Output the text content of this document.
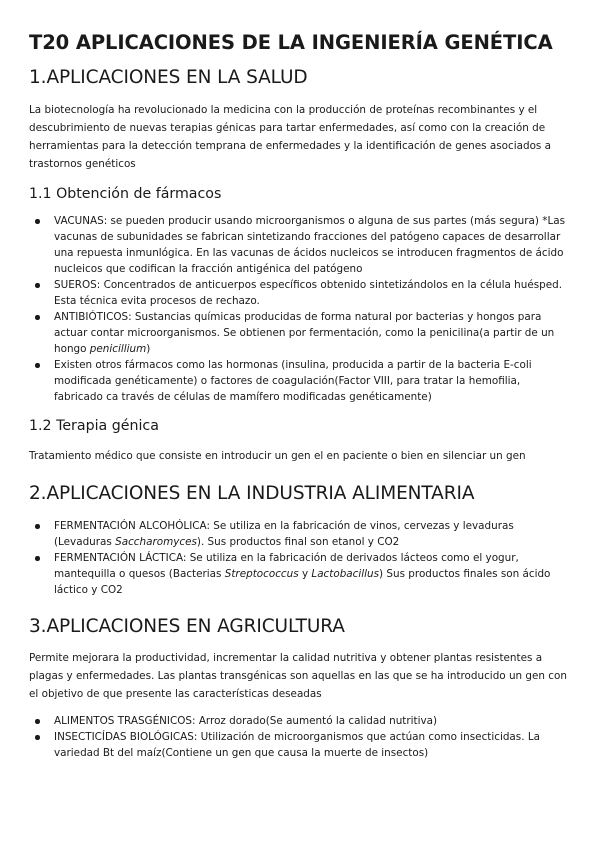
T20 APLICACIONES DE LA INGENIERÍA GENÉTICA
1.APLICACIONES EN LA SALUD

La biotecnología ha revolucionado la medicina con la producción de proteínas recombinantes y el descubrimiento de nuevas terapias génicas para tartar enfermedades, así como con la creación de herramientas para la detección temprana de enfermedades y la identificación de genes asociados a trastornos genéticos

1.1 Obtención de fármacos
VACUNAS: se pueden producir usando microorganismos o alguna de sus partes (más segura) *Las vacunas de subunidades se fabrican sintetizando fracciones del patógeno capaces de desarrollar una repuesta inmunlógica. En las vacunas de ácidos nucleicos se introducen fragmentos de ácido nucleicos que codifican la fracción antigénica del patógeno
SUEROS: Concentrados de anticuerpos específicos obtenido sintetizándolos en la célula huésped. Esta técnica evita procesos de rechazo.
ANTIBIÓTICOS: Sustancias químicas producidas de forma natural por bacterias y hongos para actuar contar microorganismos. Se obtienen por fermentación, como la penicilina(a partir de un hongo penicillium)
Existen otros fármacos como las hormonas (insulina, producida a partir de la bacteria E-coli modificada genéticamente) o factores de coagulación(Factor VIII, para tratar la hemofilia, fabricado ca través de células de mamífero modificadas genéticamente)
1.2 Terapia génica

Tratamiento médico que consiste en introducir un gen el en paciente o bien en silenciar un gen

2.APLICACIONES EN LA INDUSTRIA ALIMENTARIA
FERMENTACIÓN ALCOHÓLICA: Se utiliza en la fabricación de vinos, cervezas y levaduras (Levaduras Saccharomyces). Sus productos final son etanol y CO2
FERMENTACIÓN LÁCTICA: Se utiliza en la fabricación de derivados lácteos como el yogur, mantequilla o quesos (Bacterias Streptococcus y Lactobacillus) Sus productos finales son ácido láctico y CO2
3.APLICACIONES EN AGRICULTURA

Permite mejorara la productividad, incrementar la calidad nutritiva y obtener plantas resistentes a plagas y enfermedades. Las plantas transgénicas son aquellas en las que se ha introducido un gen con el objetivo de que presente las características deseadas

ALIMENTOS TRASGÉNICOS: Arroz dorado(Se aumentó la calidad nutritiva)
INSECTICÍDAS BIOLÓGICAS: Utilización de microorganismos que actúan como insecticidas. La variedad Bt del maíz(Contiene un gen que causa la muerte de insectos)
